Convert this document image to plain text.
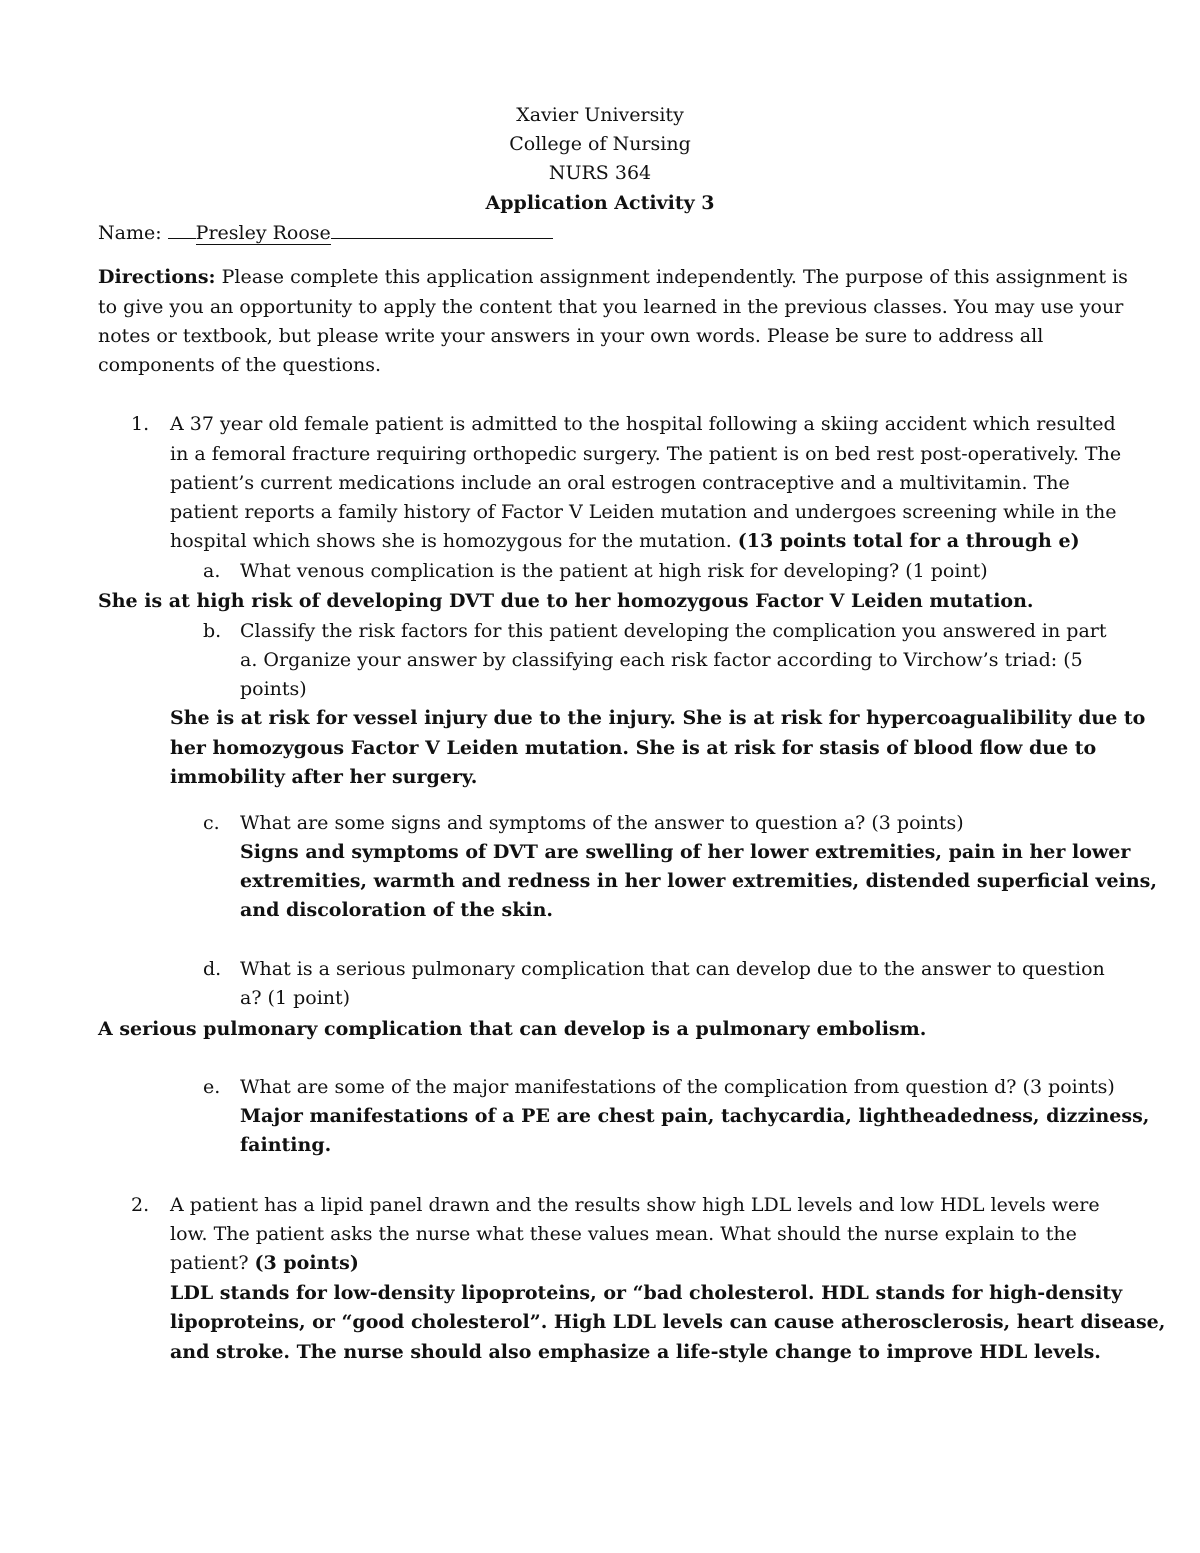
Xavier University
College of Nursing
NURS 364
Application Activity 3
Name: Presley Roose
Directions: Please complete this application assignment independently. The purpose of this assignment is
to give you an opportunity to apply the content that you learned in the previous classes. You may use your
notes or textbook, but please write your answers in your own words. Please be sure to address all
components of the questions.
1. A 37 year old female patient is admitted to the hospital following a skiing accident which resulted
in a femoral fracture requiring orthopedic surgery. The patient is on bed rest post-operatively. The
patient’s current medications include an oral estrogen contraceptive and a multivitamin. The
patient reports a family history of Factor V Leiden mutation and undergoes screening while in the
hospital which shows she is homozygous for the mutation. (13 points total for a through e)
a. What venous complication is the patient at high risk for developing? (1 point)
She is at high risk of developing DVT due to her homozygous Factor V Leiden mutation.
b. Classify the risk factors for this patient developing the complication you answered in part
a. Organize your answer by classifying each risk factor according to Virchow’s triad: (5
points)
She is at risk for vessel injury due to the injury. She is at risk for hypercoagualibility due to
her homozygous Factor V Leiden mutation. She is at risk for stasis of blood flow due to
immobility after her surgery.
c. What are some signs and symptoms of the answer to question a? (3 points)
Signs and symptoms of DVT are swelling of her lower extremities, pain in her lower
extremities, warmth and redness in her lower extremities, distended superficial veins,
and discoloration of the skin.
d. What is a serious pulmonary complication that can develop due to the answer to question
a? (1 point)
A serious pulmonary complication that can develop is a pulmonary embolism.
e. What are some of the major manifestations of the complication from question d? (3 points)
Major manifestations of a PE are chest pain, tachycardia, lightheadedness, dizziness,
fainting.
2. A patient has a lipid panel drawn and the results show high LDL levels and low HDL levels were
low. The patient asks the nurse what these values mean. What should the nurse explain to the
patient? (3 points)
LDL stands for low-density lipoproteins, or “bad cholesterol. HDL stands for high-density
lipoproteins, or “good cholesterol”. High LDL levels can cause atherosclerosis, heart disease,
and stroke. The nurse should also emphasize a life-style change to improve HDL levels.
